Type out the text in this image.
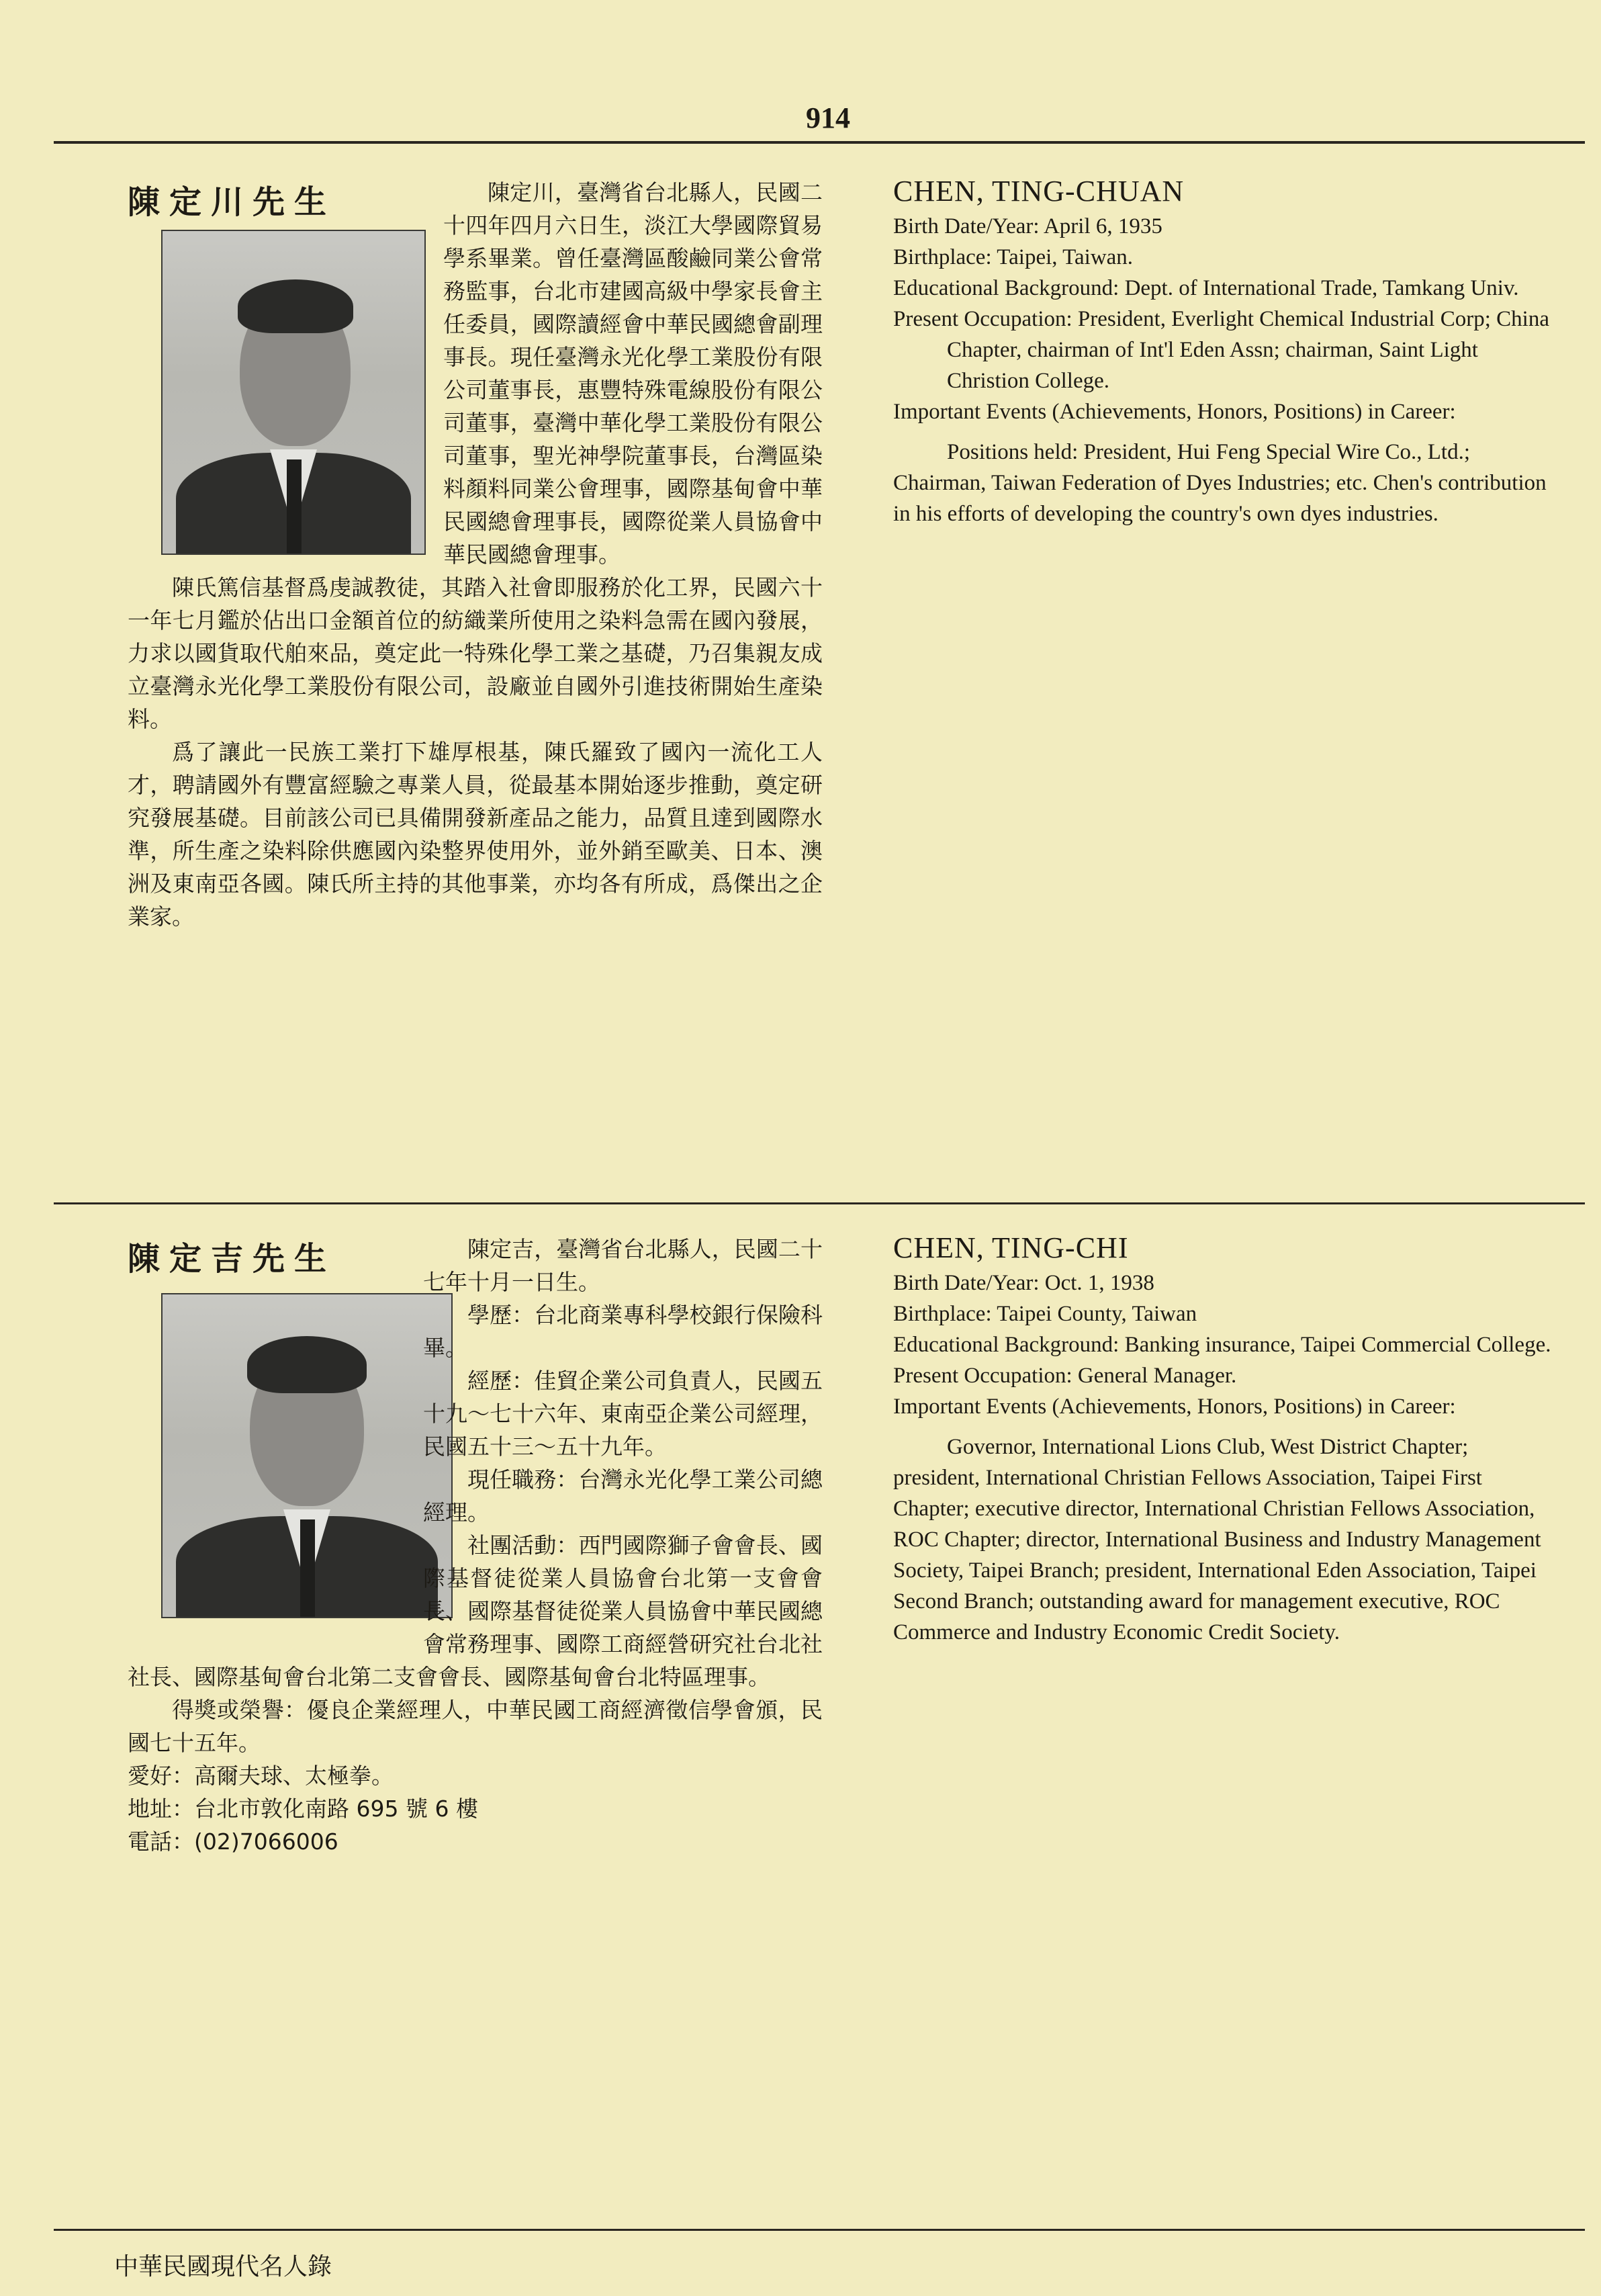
914
陳定川先生	陳定川，臺灣省台北縣人，民國二十四年四月六日生，淡江大學國際貿易學系畢業。曾任臺灣區酸鹼同業公會常務監事，台北市建國高級中學家長會主任委員，國際讀經會中華民國總會副理事長。現任臺灣永光化學工業股份有限公司董事長，惠豐特殊電線股份有限公司董事，臺灣中華化學工業股份有限公司董事，聖光神學院董事長，台灣區染料顏料同業公會理事，國際基甸會中華民國總會理事長，國際從業人員協會中華民國總會理事。

陳氏篤信基督爲虔誠教徒，其踏入社會即服務於化工界，民國六十一年七月鑑於佔出口金額首位的紡織業所使用之染料急需在國內發展，力求以國貨取代舶來品，奠定此一特殊化學工業之基礎，乃召集親友成立臺灣永光化學工業股份有限公司，設廠並自國外引進技術開始生產染料。

爲了讓此一民族工業打下雄厚根基，陳氏羅致了國內一流化工人才，聘請國外有豐富經驗之專業人員，從最基本開始逐步推動，奠定研究發展基礎。目前該公司已具備開發新產品之能力，品質且達到國際水準，所生產之染料除供應國內染整界使用外，並外銷至歐美、日本、澳洲及東南亞各國。陳氏所主持的其他事業，亦均各有所成，爲傑出之企業家。

CHEN, TING-CHUAN

Birth Date/Year: April 6, 1935

Birthplace: Taipei, Taiwan.

Educational Background: Dept. of International Trade, Tamkang Univ.

Present Occupation: President, Everlight Chemical Industrial Corp; China Chapter, chairman of Int'l Eden Assn; chairman, Saint Light Christion College.

Important Events (Achievements, Honors, Positions) in Career:

Positions held: President, Hui Feng Special Wire Co., Ltd.; Chairman, Taiwan Federation of Dyes Industries; etc. Chen's contribution in his efforts of developing the country's own dyes industries.

陳定吉先生	陳定吉，臺灣省台北縣人，民國二十七年十月一日生。

學歷：台北商業專科學校銀行保險科畢。

經歷：佳貿企業公司負責人，民國五十九～七十六年、東南亞企業公司經理，民國五十三～五十九年。

現任職務：台灣永光化學工業公司總經理。

社團活動：西門國際獅子會會長、國際基督徒從業人員協會台北第一支會會長、國際基督徒從業人員協會中華民國總會常務理事、國際工商經營研究社台北社社長、國際基甸會台北第二支會會長、國際基甸會台北特區理事。

得獎或榮譽：優良企業經理人，中華民國工商經濟徵信學會頒，民國七十五年。

愛好：高爾夫球、太極拳。

地址：台北市敦化南路 695 號 6 樓

電話：(02)7066006

CHEN, TING-CHI

Birth Date/Year: Oct. 1, 1938

Birthplace: Taipei County, Taiwan

Educational Background: Banking insurance, Taipei Commercial College.

Present Occupation: General Manager.

Important Events (Achievements, Honors, Positions) in Career:

Governor, International Lions Club, West District Chapter; president, International Christian Fellows Association, Taipei First Chapter; executive director, International Christian Fellows Association, ROC Chapter; director, International Business and Industry Management Society, Taipei Branch; president, International Eden Association, Taipei Second Branch; outstanding award for management executive, ROC Commerce and Industry Economic Credit Society.

中華民國現代名人錄
